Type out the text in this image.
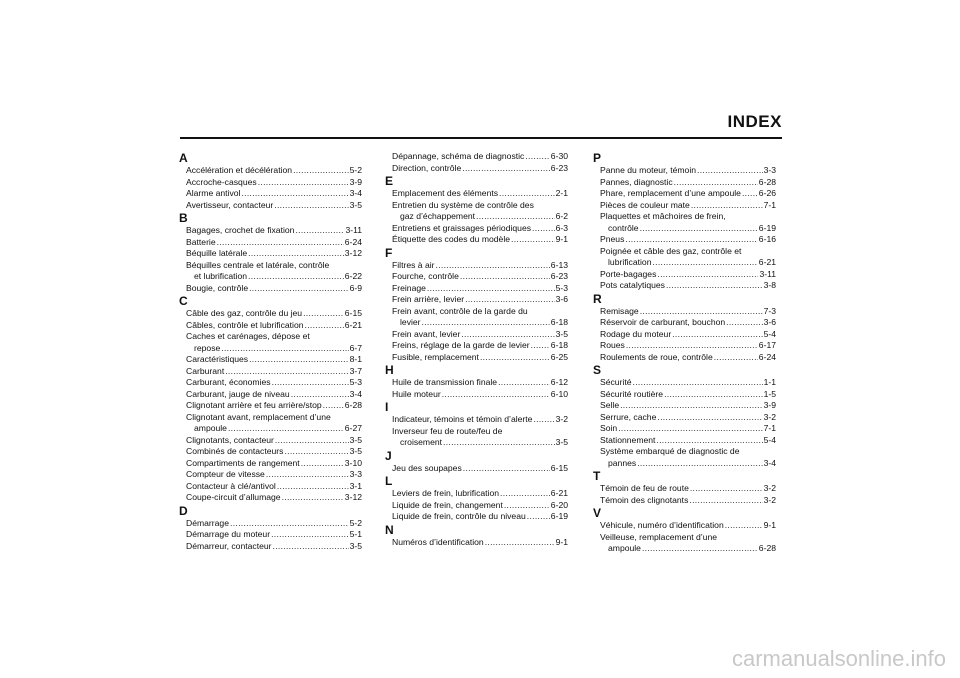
INDEX
A
Accélération et décélération .....	5-2
Accroche-casques .....	3-9
Alarme antivol .....	3-4
Avertisseur, contacteur .....	3-5
B
Bagages, crochet de fixation .....	3-11
Batterie .....	6-24
Béquille latérale .....	3-12
Béquilles centrale et latérale, contrôle
et lubrification .....	6-22
Bougie, contrôle .....	6-9
C
Câble des gaz, contrôle du jeu .....	6-15
Câbles, contrôle et lubrification .....	6-21
Caches et carénages, dépose et
repose .....	6-7
Caractéristiques .....	8-1
Carburant .....	3-7
Carburant, économies .....	5-3
Carburant, jauge de niveau .....	3-4
Clignotant arrière et feu arrière/stop .....	6-28
Clignotant avant, remplacement d’une
ampoule .....	6-27
Clignotants, contacteur .....	3-5
Combinés de contacteurs .....	3-5
Compartiments de rangement .....	3-10
Compteur de vitesse .....	3-3
Contacteur à clé/antivol .....	3-1
Coupe-circuit d’allumage .....	3-12
D
Démarrage .....	5-2
Démarrage du moteur .....	5-1
Démarreur, contacteur .....	3-5
Dépannage, schéma de diagnostic .....	6-30
Direction, contrôle .....	6-23
E
Emplacement des éléments .....	2-1
Entretien du système de contrôle des
gaz d’échappement .....	6-2
Entretiens et graissages périodiques .....	6-3
Étiquette des codes du modèle .....	9-1
F
Filtres à air .....	6-13
Fourche, contrôle .....	6-23
Freinage .....	5-3
Frein arrière, levier .....	3-6
Frein avant, contrôle de la garde du
levier .....	6-18
Frein avant, levier .....	3-5
Freins, réglage de la garde de levier ..... 6-18
Fusible, remplacement .....	6-25
H
Huile de transmission finale .....	6-12
Huile moteur .....	6-10
I
Indicateur, témoins et témoin d’alerte .....	3-2
Inverseur feu de route/feu de
croisement .....	3-5
J
Jeu des soupapes .....	6-15
L
Leviers de frein, lubrification .....	6-21
Liquide de frein, changement .....	6-20
Liquide de frein, contrôle du niveau .....	6-19
N
Numéros d’identification .....	9-1
P
Panne du moteur, témoin .....	3-3
Pannes, diagnostic .....	6-28
Phare, remplacement d’une ampoule ..... 6-26
Pièces de couleur mate .....	7-1
Plaquettes et mâchoires de frein,
contrôle .....	6-19
Pneus .....	6-16
Poignée et câble des gaz, contrôle et
lubrification .....	6-21
Porte-bagages .....	3-11
Pots catalytiques .....	3-8
R
Remisage .....	7-3
Réservoir de carburant, bouchon .....	3-6
Rodage du moteur .....	5-4
Roues .....	6-17
Roulements de roue, contrôle .....	6-24
S
Sécurité .....	1-1
Sécurité routière .....	1-5
Selle .....	3-9
Serrure, cache .....	3-2
Soin .....	7-1
Stationnement .....	5-4
Système embarqué de diagnostic de
pannes .....	3-4
T
Témoin de feu de route .....	3-2
Témoin des clignotants .....	3-2
V
Véhicule, numéro d’identification .....	9-1
Veilleuse, remplacement d’une
ampoule .....	6-28
carmanualsonline.info
